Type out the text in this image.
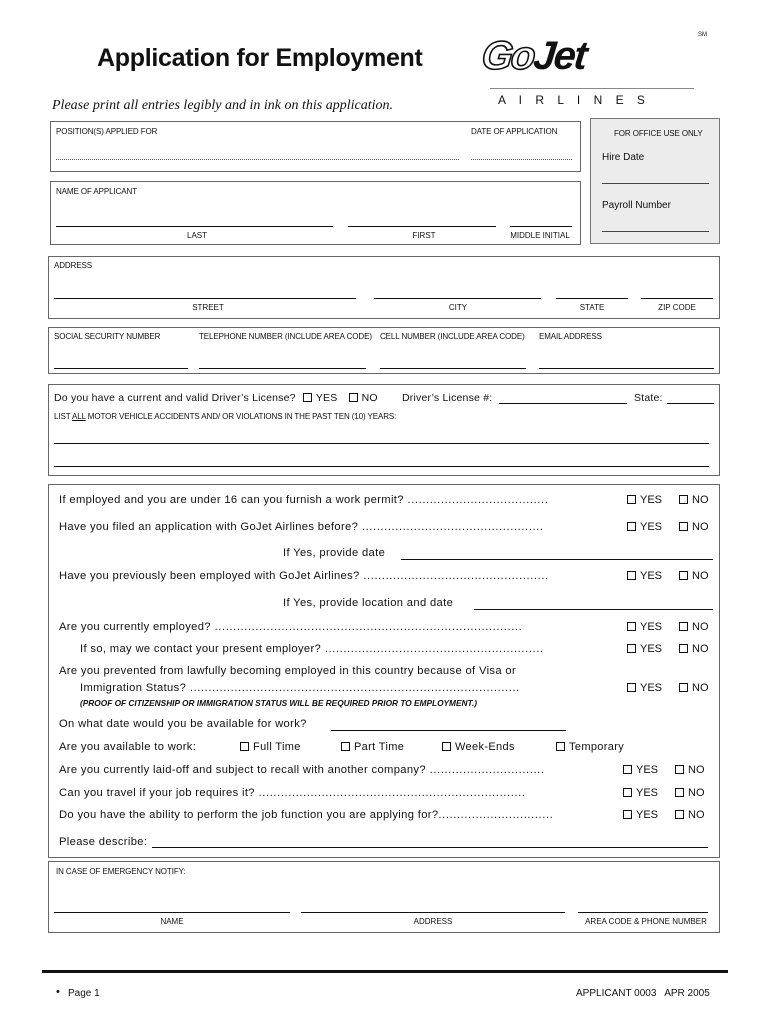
Application for Employment
Please print all entries legibly and in ink on this application.
SM
GoJet
A I R L I N E S
POSITION(S) APPLIED FOR	DATE OF APPLICATION	FOR OFFICE USE ONLY
Hire Date
Payroll Number
NAME OF APPLICANT
LAST	FIRST	MIDDLE INITIAL
ADDRESS
STREET	CITY	STATE	ZIP CODE
SOCIAL SECURITY NUMBER	TELEPHONE NUMBER (INCLUDE AREA CODE) CELL NUMBER (INCLUDE AREA CODE) EMAIL ADDRESS
Do you have a current and valid Driver’s License? YES NO Driver’s License #:	State:
LIST ALL MOTOR VEHICLE ACCIDENTS AND/ OR VIOLATIONS IN THE PAST TEN (10) YEARS:
If employed and you are under 16 can you furnish a work permit? ......................................	YES	NO
Have you filed an application with GoJet Airlines before? .................................................	YES	NO
If Yes, provide date
Have you previously been employed with GoJet Airlines? ..................................................	YES	NO
If Yes, provide location and date
Are you currently employed? ...................................................................................	YES	NO
If so, may we contact your present employer? ...........................................................	YES	NO
Are you prevented from lawfully becoming employed in this country because of Visa or
Immigration Status? .........................................................................................	YES	NO
(PROOF OF CITIZENSHIP OR IMMIGRATION STATUS WILL BE REQUIRED PRIOR TO EMPLOYMENT.)
On what date would you be available for work?
Are you available to work:	Full Time	Part Time	Week-Ends	Temporary
Are you currently laid-off and subject to recall with another company? ...............................	YES	NO
Can you travel if your job requires it? ........................................................................	YES	NO
Do you have the ability to perform the job function you are applying for?...............................	YES	NO
Please describe:
IN CASE OF EMERGENCY NOTIFY:
NAME	ADDRESS	AREA CODE & PHONE NUMBER
• Page 1	APPLICANT 0003   APR 2005
